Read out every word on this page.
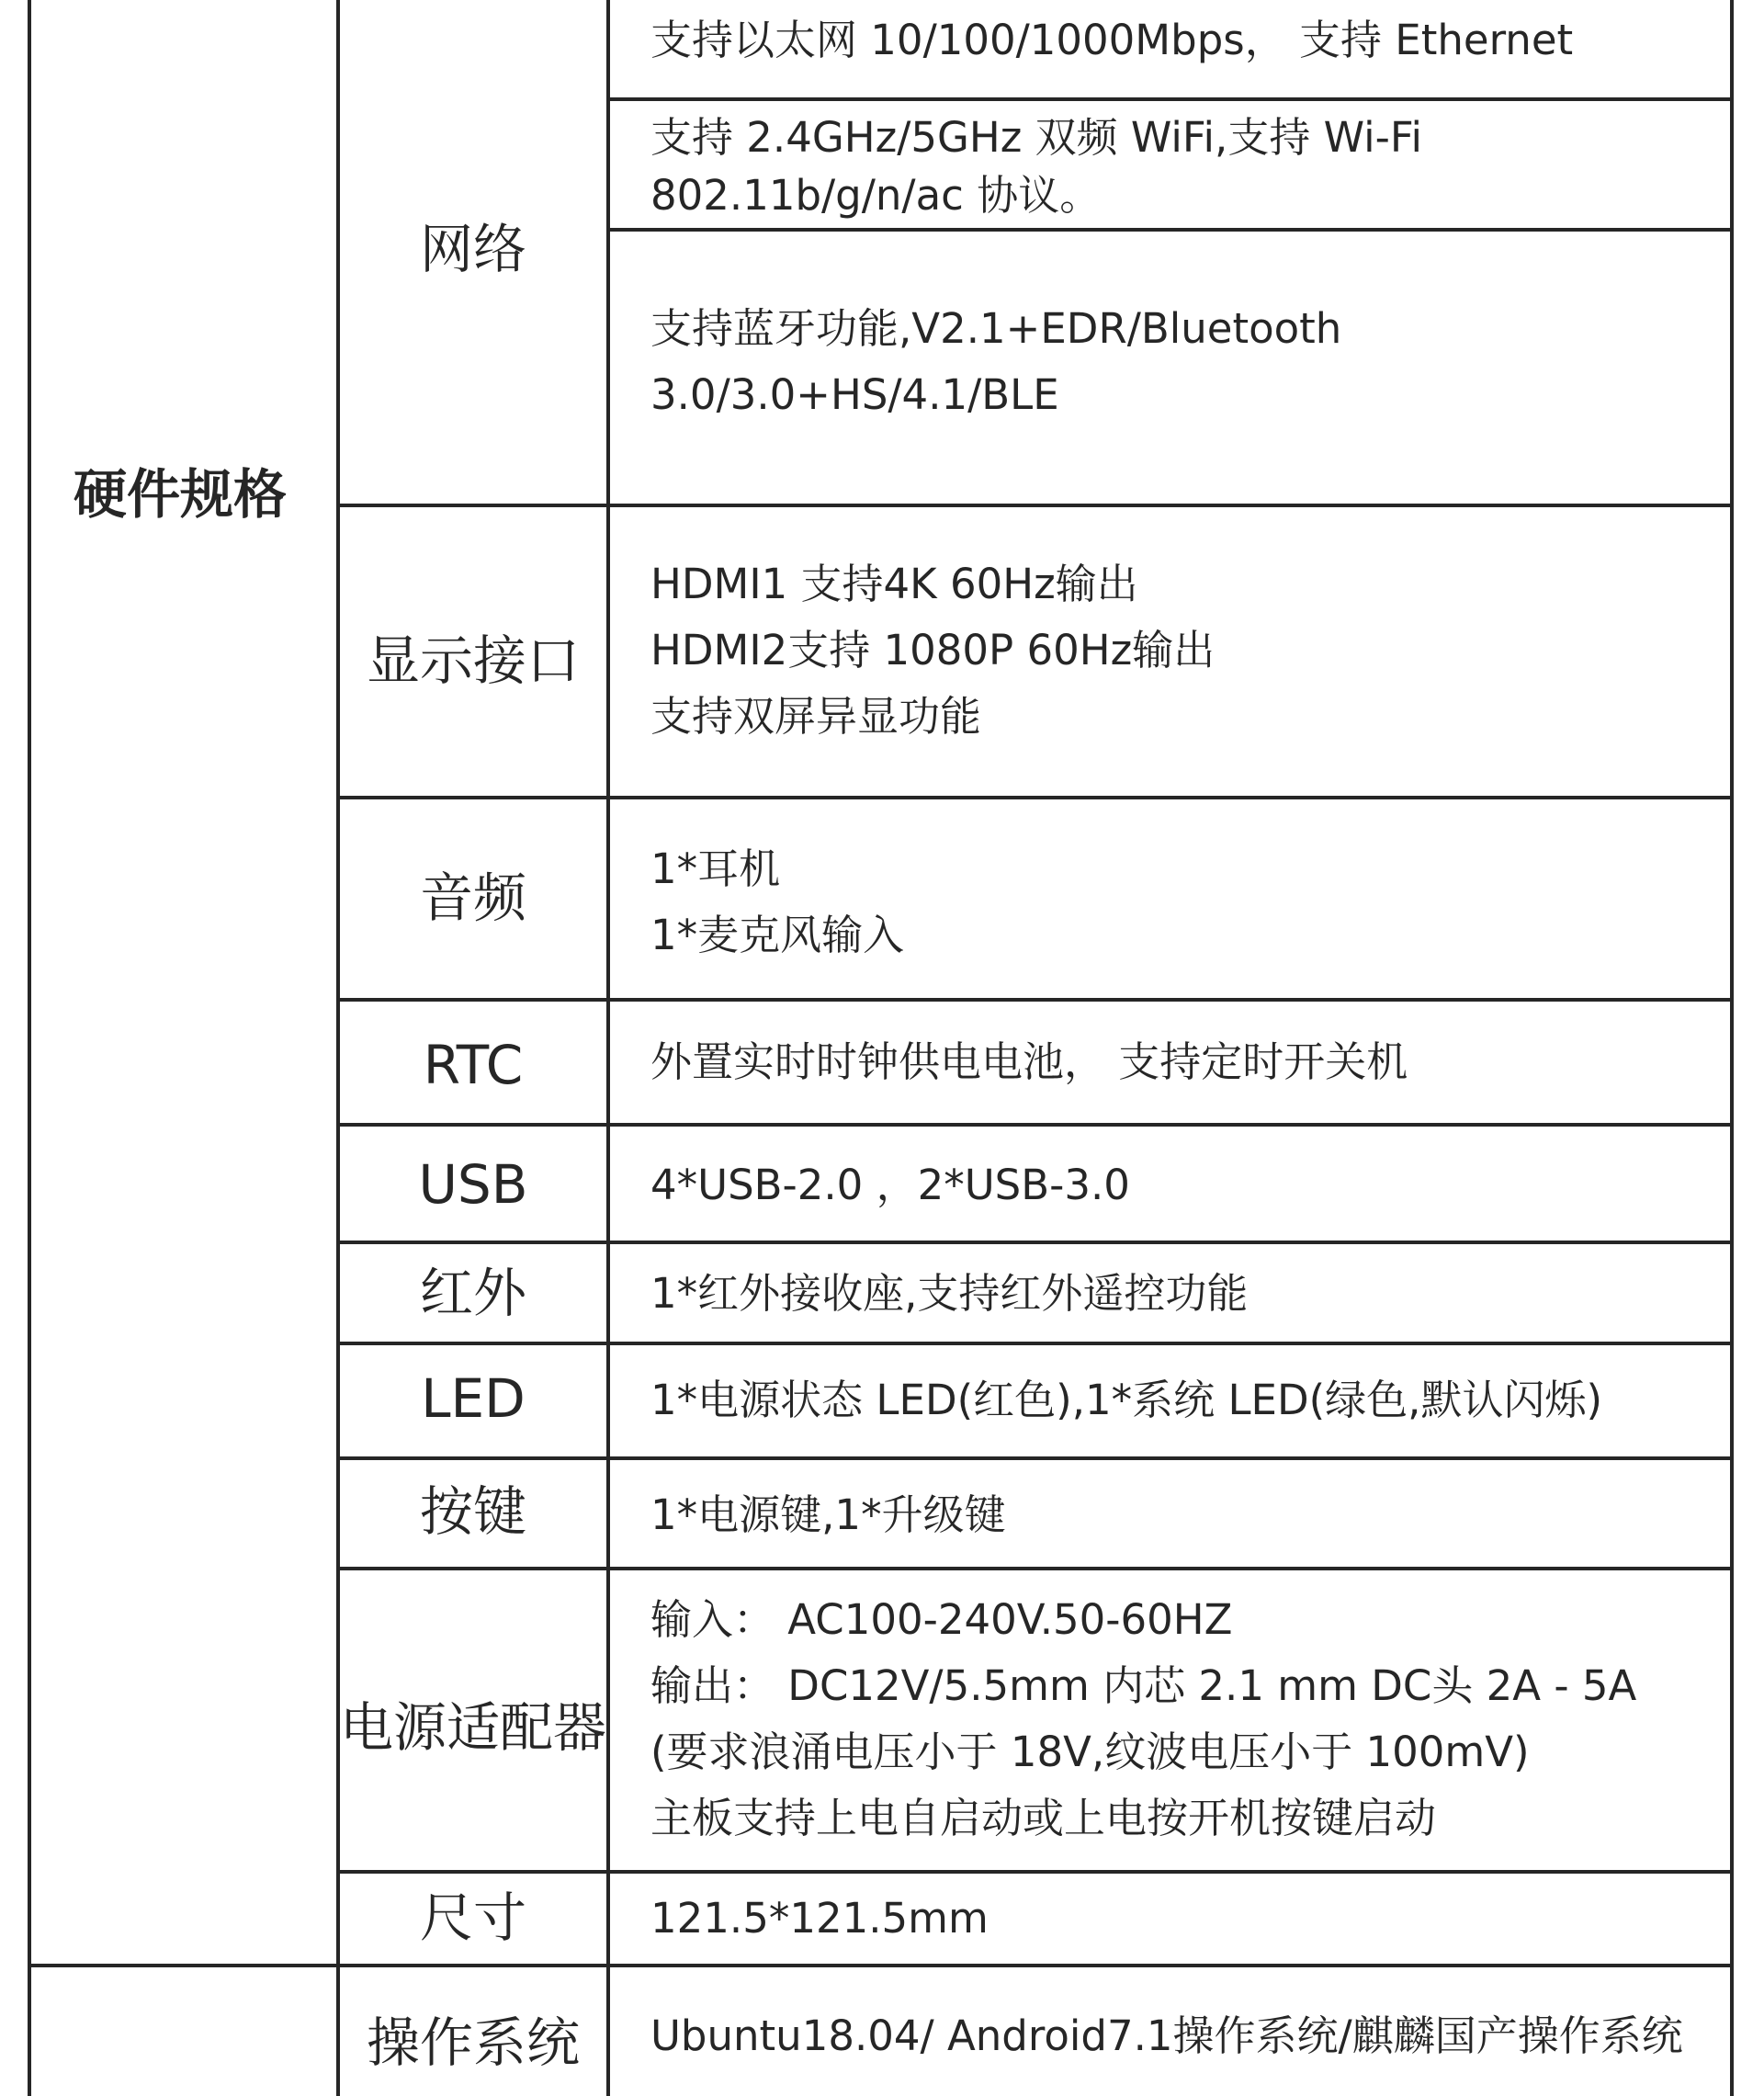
硬件规格
网络
显示接口
音频
RTC
USB
红外
LED
按键
电源适配器
尺寸
操作系统
支持以太网 10/100/1000Mbps， 支持 Ethernet
支持 2.4GHz/5GHz 双频 WiFi,支持 Wi-Fi
802.11b/g/n/ac 协议。
支持蓝牙功能,V2.1+EDR/Bluetooth
3.0/3.0+HS/4.1/BLE
HDMI1 支持4K 60Hz输出
HDMI2支持 1080P 60Hz输出
支持双屏异显功能
1*耳机
1*麦克风输入
外置实时时钟供电电池， 支持定时开关机
4*USB-2.0 ，2*USB-3.0
1*红外接收座,支持红外遥控功能
1*电源状态 LED(红色),1*系统 LED(绿色,默认闪烁)
1*电源键,1*升级键
输入： AC100-240V.50-60HZ
输出： DC12V/5.5mm 内芯 2.1 mm DC头 2A - 5A
(要求浪涌电压小于 18V,纹波电压小于 100mV)
主板支持上电自启动或上电按开机按键启动
121.5*121.5mm
Ubuntu18.04/ Android7.1操作系统/麒麟国产操作系统
